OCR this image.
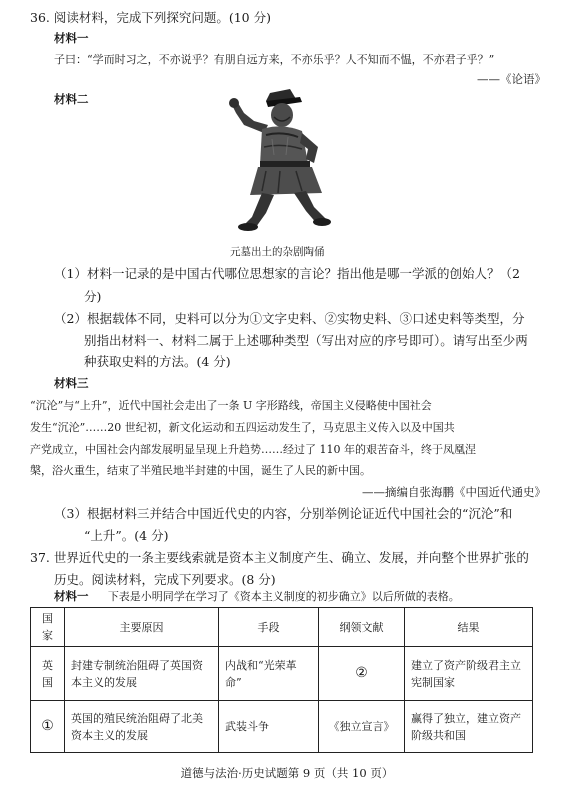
36. 阅读材料，完成下列探究问题。(10 分)
材料一
子曰：“学而时习之，不亦说乎？有朋自远方来，不亦乐乎？人不知而不愠，不亦君子乎？”
——《论语》
材料二
元墓出土的杂剧陶俑
（1）材料一记录的是中国古代哪位思想家的言论？指出他是哪一学派的创始人？（2
分)
（2）根据载体不同，史料可以分为①文字史料、②实物史料、③口述史料等类型，分
别指出材料一、材料二属于上述哪种类型（写出对应的序号即可）。请写出至少两
种获取史料的方法。(4 分)
材料三
“沉沦”与“上升”，近代中国社会走出了一条 U 字形路线，帝国主义侵略使中国社会
发生“沉沦”……20 世纪初，新文化运动和五四运动发生了，马克思主义传入以及中国共
产党成立，中国社会内部发展明显呈现上升趋势……经过了 110 年的艰苦奋斗，终于凤凰涅
槃，浴火重生，结束了半殖民地半封建的中国，诞生了人民的新中国。
——摘编自张海鹏《中国近代通史》
（3）根据材料三并结合中国近代史的内容，分别举例论证近代中国社会的“沉沦”和
“上升”。(4 分)
37. 世界近代史的一条主要线索就是资本主义制度产生、确立、发展，并向整个世界扩张的
历史。阅读材料，完成下列要求。(8 分)
材料一 下表是小明同学在学习了《资本主义制度的初步确立》以后所做的表格。
国家	主要原因	手段	纲领文献	结果
英国	封建专制统治阻碍了英国资本主义的发展	内战和“光荣革命”	②	建立了资产阶级君主立宪制国家
①	英国的殖民统治阻碍了北美资本主义的发展	武装斗争	《独立宣言》	赢得了独立，建立资产阶级共和国
道德与法治·历史试题第 9 页（共 10 页）
